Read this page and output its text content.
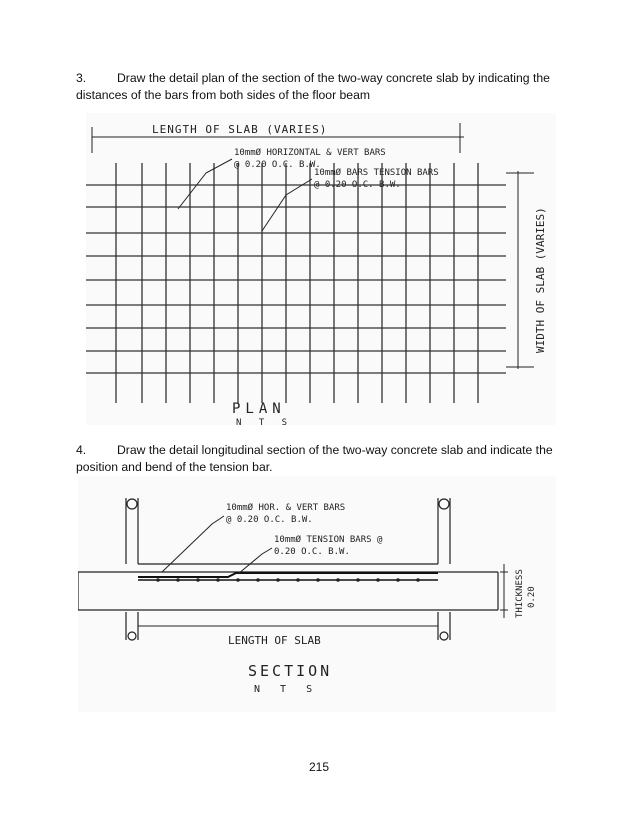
3.	Draw the detail plan of the section of the two-way concrete slab by indicating the
distances of the bars from both sides of the floor beam
LENGTH OF SLAB (VARIES)
10mmØ HORIZONTAL & VERT BARS
@ 0.20 O.C. B.W.
10mmØ BARS TENSION BARS
@ 0.20 O.C. B.W.
WIDTH OF SLAB (VARIES)
PLAN
N T S
4.	Draw the detail longitudinal section of the two-way concrete slab and indicate the
position and bend of the tension bar.
10mmØ HOR. & VERT BARS
@ 0.20 O.C. B.W.
10mmØ TENSION BARS @
0.20 O.C. B.W.
THICKNESS 0.20
LENGTH OF SLAB
SECTION
N T S
215
